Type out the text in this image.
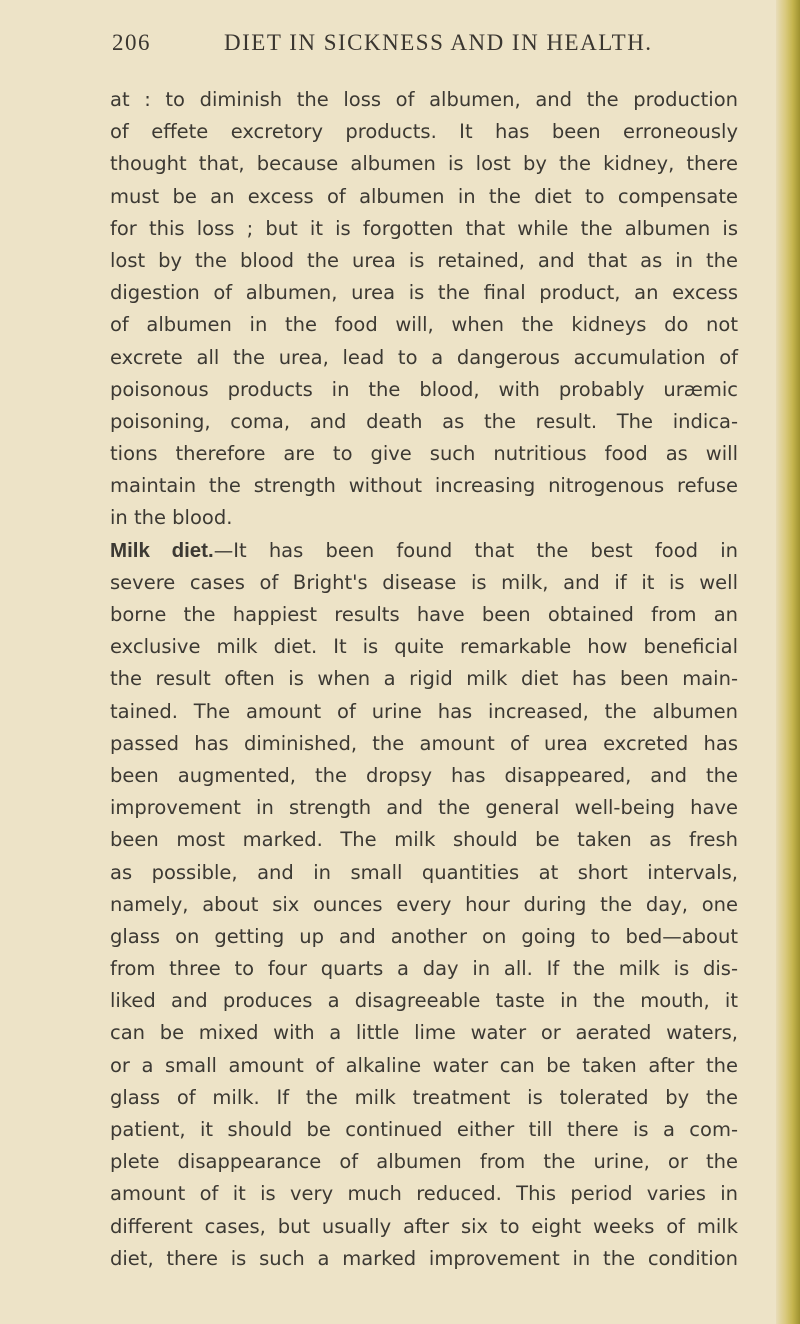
206	DIET IN SICKNESS AND IN HEALTH.
at : to diminish the loss of albumen, and the production
of effete excretory products. It has been erroneously
thought that, because albumen is lost by the kidney, there
must be an excess of albumen in the diet to compensate
for this loss ; but it is forgotten that while the albumen is
lost by the blood the urea is retained, and that as in the
digestion of albumen, urea is the final product, an excess
of albumen in the food will, when the kidneys do not
excrete all the urea, lead to a dangerous accumulation of
poisonous products in the blood, with probably uræmic
poisoning, coma, and death as the result. The indica-
tions therefore are to give such nutritious food as will
maintain the strength without increasing nitrogenous refuse
in the blood.
Milk diet.—It has been found that the best food in
severe cases of Bright's disease is milk, and if it is well
borne the happiest results have been obtained from an
exclusive milk diet. It is quite remarkable how beneficial
the result often is when a rigid milk diet has been main-
tained. The amount of urine has increased, the albumen
passed has diminished, the amount of urea excreted has
been augmented, the dropsy has disappeared, and the
improvement in strength and the general well-being have
been most marked. The milk should be taken as fresh
as possible, and in small quantities at short intervals,
namely, about six ounces every hour during the day, one
glass on getting up and another on going to bed—about
from three to four quarts a day in all. If the milk is dis-
liked and produces a disagreeable taste in the mouth, it
can be mixed with a little lime water or aerated waters,
or a small amount of alkaline water can be taken after the
glass of milk. If the milk treatment is tolerated by the
patient, it should be continued either till there is a com-
plete disappearance of albumen from the urine, or the
amount of it is very much reduced. This period varies in
different cases, but usually after six to eight weeks of milk
diet, there is such a marked improvement in the condition
